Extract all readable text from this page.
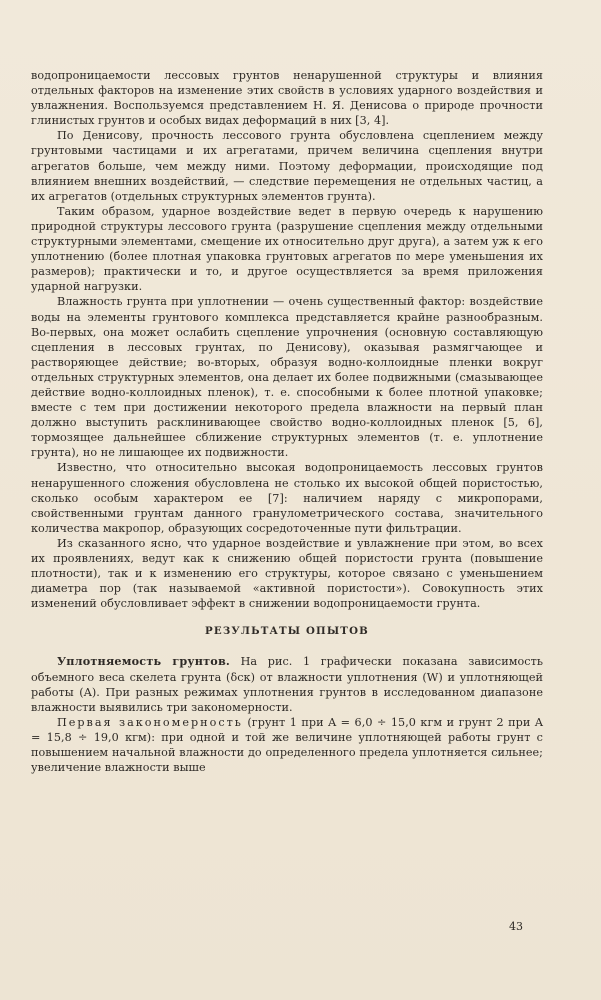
водопроницаемости лессовых грунтов ненарушенной структуры и влияния отдельных факторов на изменение этих свойств в условиях ударного воздействия и увлажнения. Воспользуемся представлением Н. Я. Денисова о природе прочности глинистых грунтов и особых видах деформаций в них [3, 4].

По Денисову, прочность лессового грунта обусловлена сцеплением между грунтовыми частицами и их агрегатами, причем величина сцепления внутри агрегатов больше, чем между ними. Поэтому деформации, происходящие под влиянием внешних воздействий, — следствие перемещения не отдельных частиц, а их агрегатов (отдельных структурных элементов грунта).

Таким образом, ударное воздействие ведет в первую очередь к нарушению природной структуры лессового грунта (разрушение сцепления между отдельными структурными элементами, смещение их относительно друг друга), а затем уж к его уплотнению (более плотная упаковка грунтовых агрегатов по мере уменьшения их размеров); практически и то, и другое осуществляется за время приложения ударной нагрузки.

Влажность грунта при уплотнении — очень существенный фактор: воздействие воды на элементы грунтового комплекса представляется крайне разнообразным. Во-первых, она может ослабить сцепление упрочнения (основную составляющую сцепления в лессовых грунтах, по Денисову), оказывая размягчающее и растворяющее действие; во-вторых, образуя водно-коллоидные пленки вокруг отдельных структурных элементов, она делает их более подвижными (смазывающее действие водно-коллоидных пленок), т. е. способными к более плотной упаковке; вместе с тем при достижении некоторого предела влажности на первый план должно выступить расклинивающее свойство водно-коллоидных пленок [5, 6], тормозящее дальнейшее сближение структурных элементов (т. е. уплотнение грунта), но не лишающее их подвижности.

Известно, что относительно высокая водопроницаемость лессовых грунтов ненарушенного сложения обусловлена не столько их высокой общей пористостью, сколько особым характером ее [7]: наличием наряду с микропорами, свойственными грунтам данного гранулометрического состава, значительного количества макропор, образующих сосредоточенные пути фильтрации.

Из сказанного ясно, что ударное воздействие и увлажнение при этом, во всех их проявлениях, ведут как к снижению общей пористости грунта (повышение плотности), так и к изменению его структуры, которое связано с уменьшением диаметра пор (так называемой «активной пористости»). Совокупность этих изменений обусловливает эффект в снижении водопроницаемости грунта.

РЕЗУЛЬТАТЫ ОПЫТОВ

Уплотняемость грунтов. На рис. 1 графически показана зависимость объемного веса скелета грунта (δск) от влажности уплотнения (W) и уплотняющей работы (A). При разных режимах уплотнения грунтов в исследованном диапазоне влажности выявились три закономерности.

Первая закономерность (грунт 1 при A = 6,0 ÷ 15,0 кгм и грунт 2 при A = 15,8 ÷ 19,0 кгм): при одной и той же величине уплотняющей работы грунт с повышением начальной влажности до определенного предела уплотняется сильнее; увеличение влажности выше

43
